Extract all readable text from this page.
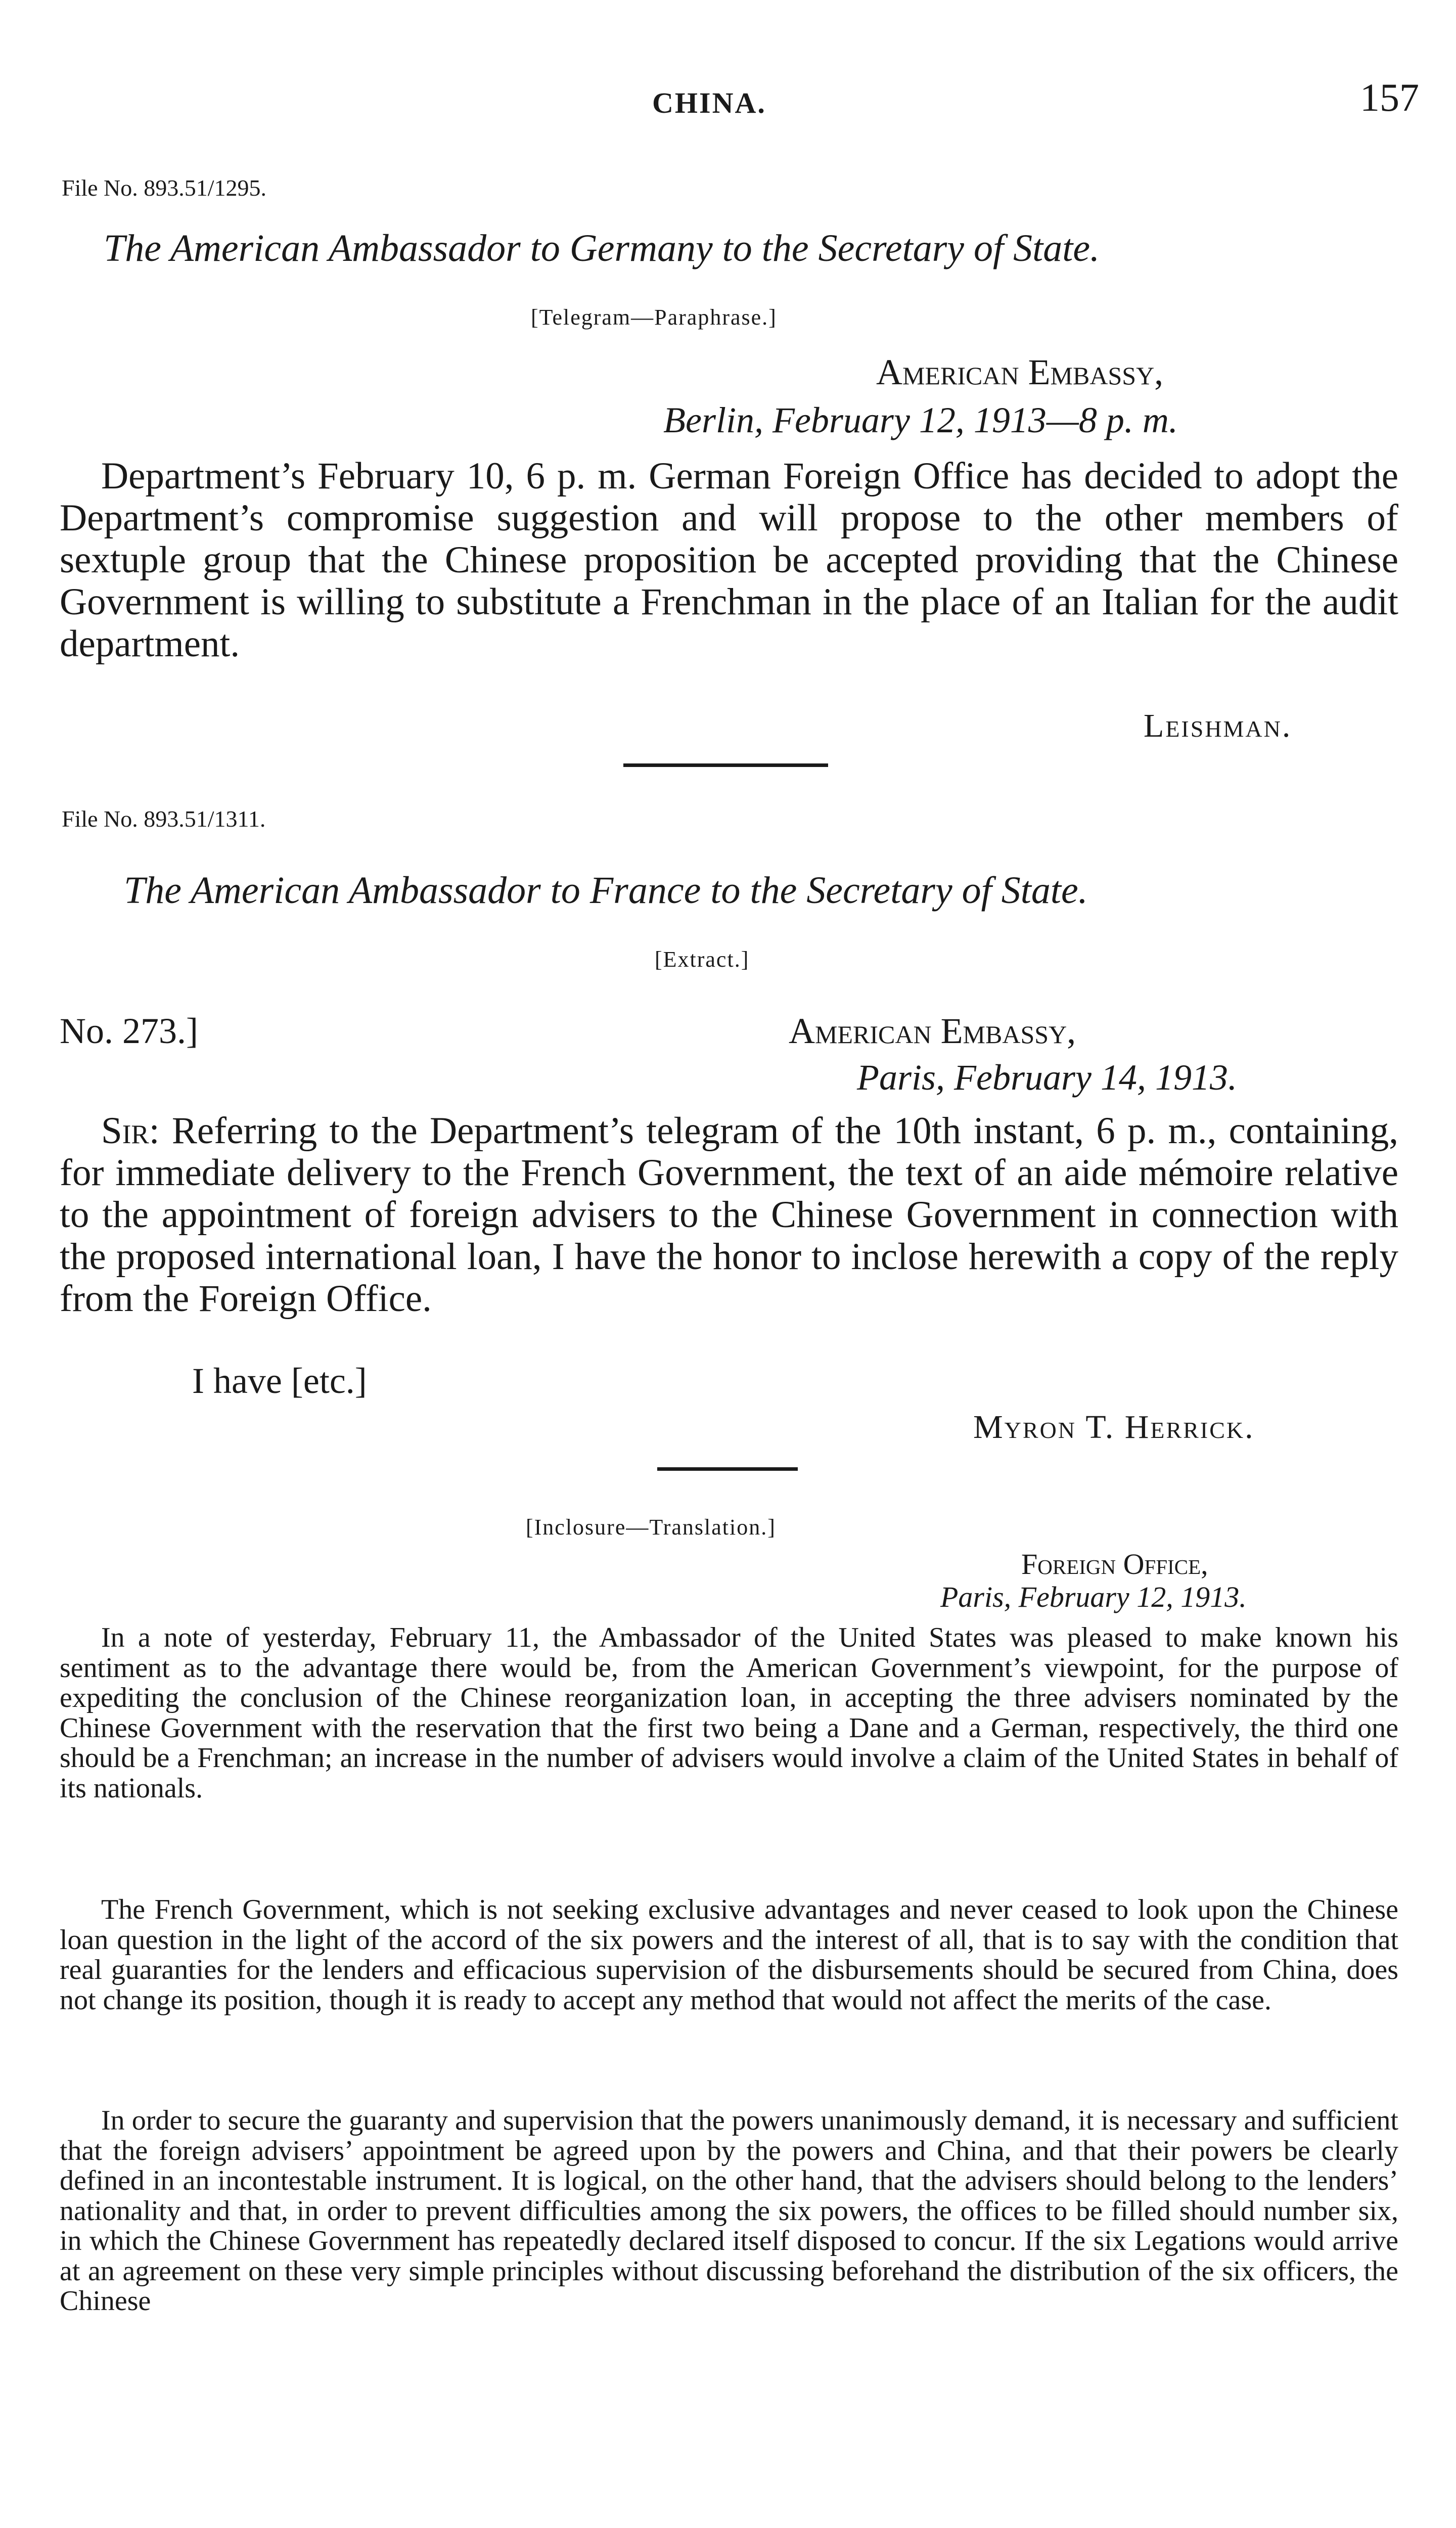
CHINA.	157
File No. 893.51/1295.
The American Ambassador to Germany to the Secretary of State.
[Telegram—Paraphrase.]
American Embassy,
Berlin, February 12, 1913—8 p. m.
Department’s February 10, 6 p. m. German Foreign Office has decided to adopt the Department’s compromise suggestion and will propose to the other members of sextuple group that the Chinese proposition be accepted providing that the Chinese Government is willing to substitute a Frenchman in the place of an Italian for the audit department.
Leishman.
File No. 893.51/1311.
The American Ambassador to France to the Secretary of State.
[Extract.]
No. 273.]	American Embassy,
Paris, February 14, 1913.
Sir: Referring to the Department’s telegram of the 10th instant, 6 p. m., containing, for immediate delivery to the French Government, the text of an aide mémoire relative to the appointment of foreign advisers to the Chinese Government in connection with the proposed international loan, I have the honor to inclose herewith a copy of the reply from the Foreign Office.
I have [etc.]
Myron T. Herrick.
[Inclosure—Translation.]
Foreign Office,
Paris, February 12, 1913.
In a note of yesterday, February 11, the Ambassador of the United States was pleased to make known his sentiment as to the advantage there would be, from the American Government’s viewpoint, for the purpose of expediting the conclusion of the Chinese reorganization loan, in accepting the three advisers nominated by the Chinese Government with the reservation that the first two being a Dane and a German, respectively, the third one should be a Frenchman; an increase in the number of advisers would involve a claim of the United States in behalf of its nationals.
The French Government, which is not seeking exclusive advantages and never ceased to look upon the Chinese loan question in the light of the accord of the six powers and the interest of all, that is to say with the condition that real guaranties for the lenders and efficacious supervision of the disbursements should be secured from China, does not change its position, though it is ready to accept any method that would not affect the merits of the case.
In order to secure the guaranty and supervision that the powers unanimously demand, it is necessary and sufficient that the foreign advisers’ appointment be agreed upon by the powers and China, and that their powers be clearly defined in an incontestable instrument. It is logical, on the other hand, that the advisers should belong to the lenders’ nationality and that, in order to prevent difficulties among the six powers, the offices to be filled should number six, in which the Chinese Government has repeatedly declared itself disposed to concur. If the six Legations would arrive at an agreement on these very simple principles without discussing beforehand the distribution of the six officers, the Chinese
